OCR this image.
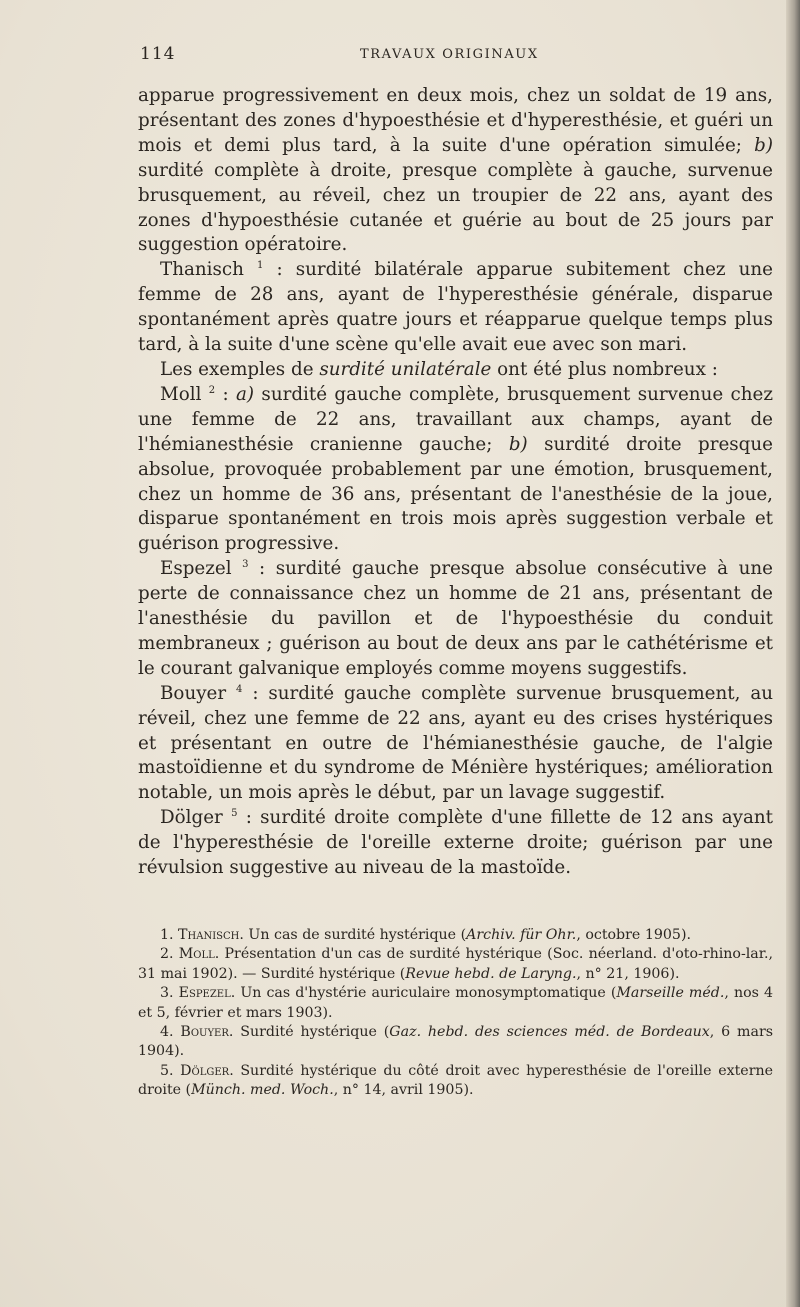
114	TRAVAUX ORIGINAUX

apparue progressivement en deux mois, chez un soldat de 19 ans, présentant des zones d'hypoesthésie et d'hyperesthésie, et guéri un mois et demi plus tard, à la suite d'une opération simulée; b) surdité complète à droite, presque complète à gauche, survenue brusquement, au réveil, chez un troupier de 22 ans, ayant des zones d'hypoesthésie cutanée et guérie au bout de 25 jours par suggestion opératoire.

Thanisch $^1$ : surdité bilatérale apparue subitement chez une femme de 28 ans, ayant de l'hyperesthésie générale, disparue spontanément après quatre jours et réapparue quelque temps plus tard, à la suite d'une scène qu'elle avait eue avec son mari.

Les exemples de surdité unilatérale ont été plus nombreux :

Moll $^2$ : a) surdité gauche complète, brusquement survenue chez une femme de 22 ans, travaillant aux champs, ayant de l'hémianesthésie cranienne gauche; b) surdité droite presque absolue, provoquée probablement par une émotion, brusquement, chez un homme de 36 ans, présentant de l'anesthésie de la joue, disparue spontanément en trois mois après suggestion verbale et guérison progressive.

Espezel $^3$ : surdité gauche presque absolue consécutive à une perte de connaissance chez un homme de 21 ans, présentant de l'anesthésie du pavillon et de l'hypoesthésie du conduit membraneux ; guérison au bout de deux ans par le cathétérisme et le courant galvanique employés comme moyens suggestifs.

Bouyer $^4$ : surdité gauche complète survenue brusquement, au réveil, chez une femme de 22 ans, ayant eu des crises hystériques et présentant en outre de l'hémianesthésie gauche, de l'algie mastoïdienne et du syndrome de Ménière hystériques; amélioration notable, un mois après le début, par un lavage suggestif.

Dölger $^5$ : surdité droite complète d'une fillette de 12 ans ayant de l'hyperesthésie de l'oreille externe droite; guérison par une révulsion suggestive au niveau de la mastoïde.

1. Thanisch. Un cas de surdité hystérique (Archiv. für Ohr., octobre 1905).

2. Moll. Présentation d'un cas de surdité hystérique (Soc. néerland. d'oto-rhino-lar., 31 mai 1902). — Surdité hystérique (Revue hebd. de Laryng., n° 21, 1906).

3. Espezel. Un cas d'hystérie auriculaire monosymptomatique (Marseille méd., nos 4 et 5, février et mars 1903).

4. Bouyer. Surdité hystérique (Gaz. hebd. des sciences méd. de Bordeaux, 6 mars 1904).

5. Dölger. Surdité hystérique du côté droit avec hyperesthésie de l'oreille externe droite (Münch. med. Woch., n° 14, avril 1905).
